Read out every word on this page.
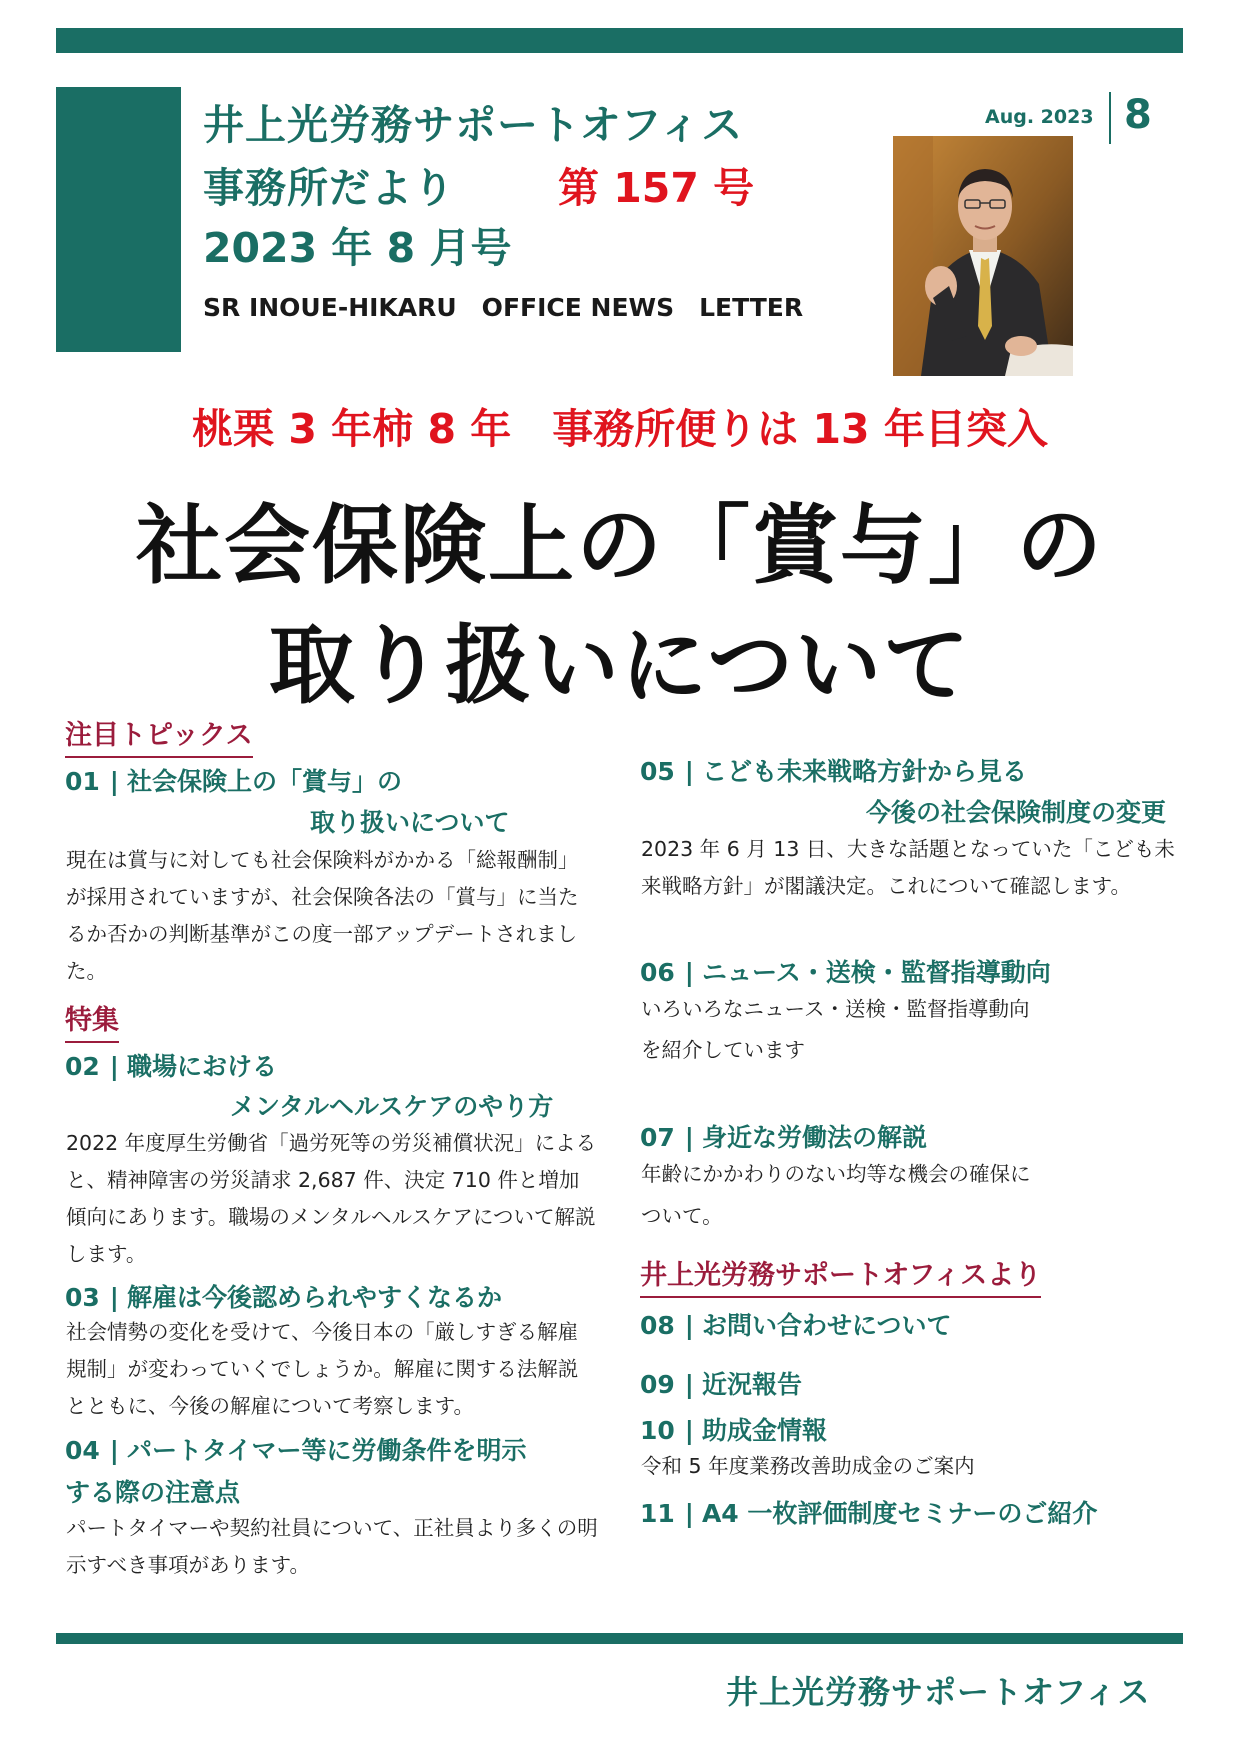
井上光労務サポートオフィス
事務所だより	第 157 号
2023 年 8 月号
SR INOUE-HIKARU　OFFICE NEWS　LETTER
Aug. 2023 8
桃栗 3 年柿 8 年　事務所便りは 13 年目突入
社会保険上の「賞与」の
取り扱いについて
注目トピックス
01 | 社会保険上の「賞与」の
取り扱いについて
現在は賞与に対しても社会保険料がかかる「総報酬制」が採用されていますが、社会保険各法の「賞与」に当たるか否かの判断基準がこの度一部アップデートされました。
特集
02 | 職場における
メンタルヘルスケアのやり方
2022 年度厚生労働省「過労死等の労災補償状況」によると、精神障害の労災請求 2,687 件、決定 710 件と増加傾向にあります。職場のメンタルヘルスケアについて解説します。
03 | 解雇は今後認められやすくなるか
社会情勢の変化を受けて、今後日本の「厳しすぎる解雇規制」が変わっていくでしょうか。解雇に関する法解説とともに、今後の解雇について考察します。
04 | パートタイマー等に労働条件を明示
する際の注意点
パートタイマーや契約社員について、正社員より多くの明示すべき事項があります。
05 | こども未来戦略方針から見る
今後の社会保険制度の変更
2023 年 6 月 13 日、大きな話題となっていた「こども未来戦略方針」が閣議決定。これについて確認します。
06 | ニュース・送検・監督指導動向
いろいろなニュース・送検・監督指導動向
を紹介しています
07 | 身近な労働法の解説
年齢にかかわりのない均等な機会の確保に
ついて。
井上光労務サポートオフィスより
08 | お問い合わせについて
09 | 近況報告
10 | 助成金情報
令和 5 年度業務改善助成金のご案内
11 | A4 一枚評価制度セミナーのご紹介
井上光労務サポートオフィス
